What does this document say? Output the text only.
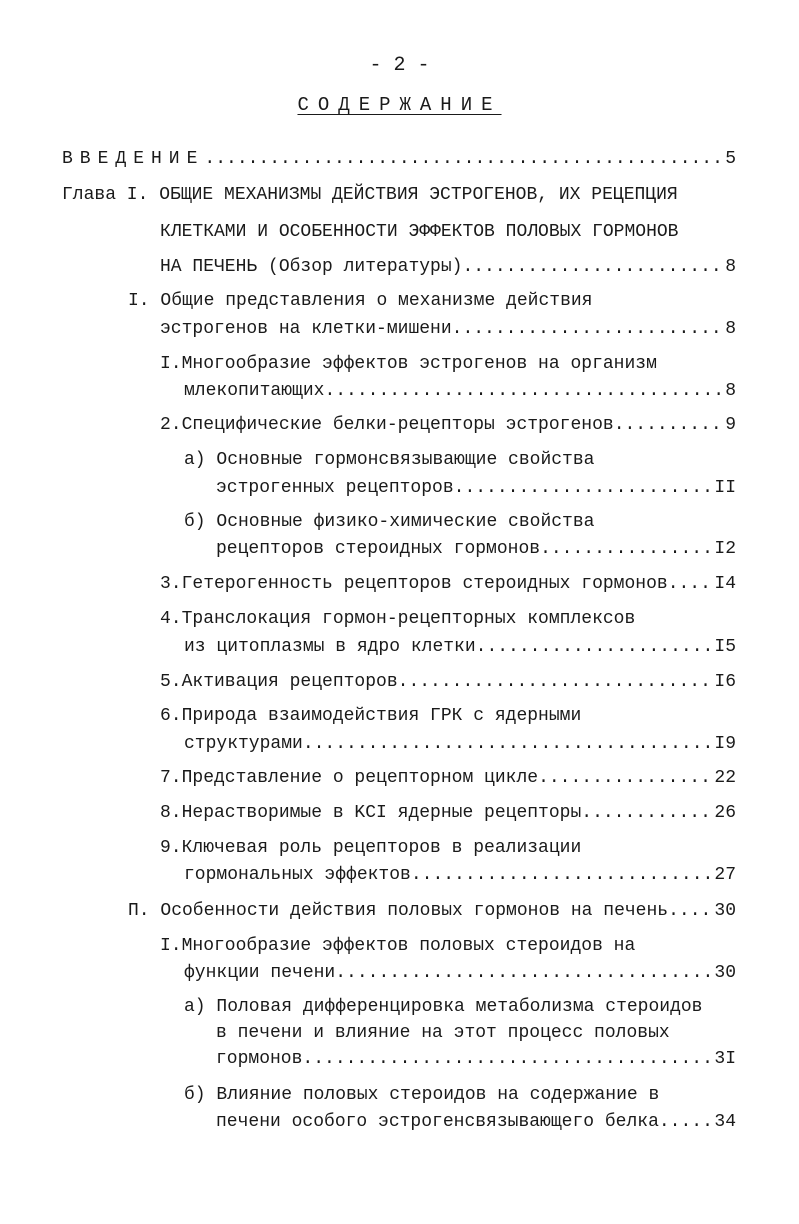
- 2 -
СОДЕРЖАНИЕ
ВВЕДЕНИЕ .....	5
Глава I. ОБЩИЕ МЕХАНИЗМЫ ДЕЙСТВИЯ ЭСТРОГЕНОВ, ИХ РЕЦЕПЦИЯ
КЛЕТКАМИ И ОСОБЕННОСТИ ЭФФЕКТОВ ПОЛОВЫХ ГОРМОНОВ
НА ПЕЧЕНЬ (Обзор литературы) .....	8
I. Общие представления о механизме действия
эстрогенов на клетки-мишени .....	8
I.Многообразие эффектов эстрогенов на организм
млекопитающих .....	8
2.Специфические белки-рецепторы эстрогенов .....	9
а) Основные гормонсвязывающие свойства
эстрогенных рецепторов .....	II
б) Основные физико-химические свойства
рецепторов стероидных гормонов .....	I2
3.Гетерогенность рецепторов стероидных гормонов .....	I4
4.Транслокация гормон-рецепторных комплексов
из цитоплазмы в ядро клетки .....	I5
5.Активация рецепторов .....	I6
6.Природа взаимодействия ГРК с ядерными
структурами .....	I9
7.Представление о рецепторном цикле .....	22
8.Нерастворимые в KCI ядерные рецепторы .....	26
9.Ключевая роль рецепторов в реализации
гормональных эффектов .....	27
П. Особенности действия половых гормонов на печень .....	30
I.Многообразие эффектов половых стероидов на
функции печени .....	30
а) Половая дифференцировка метаболизма стероидов
в печени и влияние на этот процесс половых
гормонов .....	3I
б) Влияние половых стероидов на содержание в
печени особого эстрогенсвязывающего белка .....	34
